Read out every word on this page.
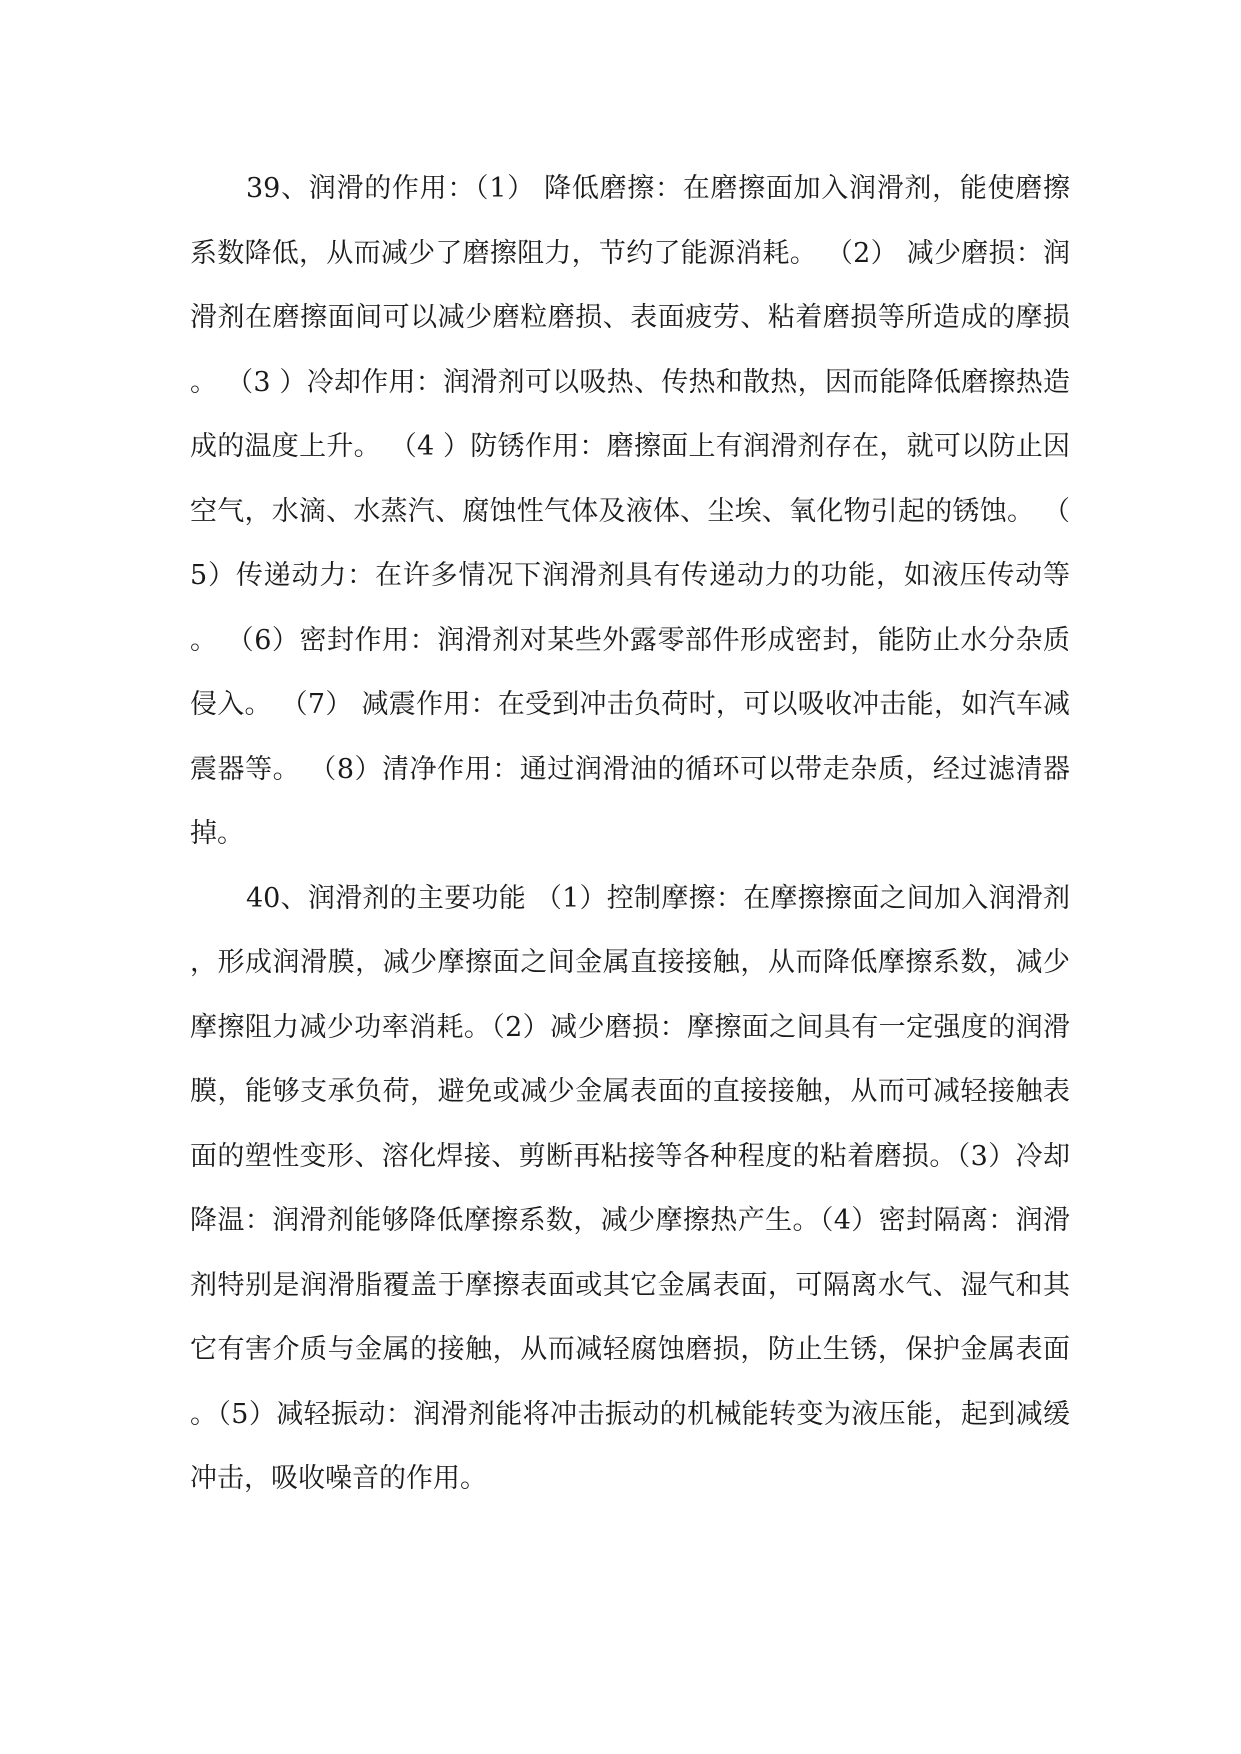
39、润滑的作用：（1） 降低磨擦：在磨擦面加入润滑剂，能使磨擦系数降低，从而减少了磨擦阻力，节约了能源消耗。 （2） 减少磨损：润滑剂在磨擦面间可以减少磨粒磨损、表面疲劳、粘着磨损等所造成的摩损。 （3 ）冷却作用：润滑剂可以吸热、传热和散热，因而能降低磨擦热造成的温度上升。 （4 ）防锈作用：磨擦面上有润滑剂存在，就可以防止因空气，水滴、水蒸汽、腐蚀性气体及液体、尘埃、氧化物引起的锈蚀。 （5）传递动力：在许多情况下润滑剂具有传递动力的功能，如液压传动等。 （6）密封作用：润滑剂对某些外露零部件形成密封，能防止水分杂质侵入。 （7） 减震作用：在受到冲击负荷时，可以吸收冲击能，如汽车减震器等。 （8）清净作用：通过润滑油的循环可以带走杂质，经过滤清器掉。

40、润滑剂的主要功能 （1）控制摩擦：在摩擦擦面之间加入润滑剂，形成润滑膜，减少摩擦面之间金属直接接触，从而降低摩擦系数，减少摩擦阻力减少功率消耗。（2）减少磨损：摩擦面之间具有一定强度的润滑膜，能够支承负荷，避免或减少金属表面的直接接触，从而可减轻接触表面的塑性变形、溶化焊接、剪断再粘接等各种程度的粘着磨损。（3）冷却降温：润滑剂能够降低摩擦系数，减少摩擦热产生。（4）密封隔离：润滑剂特别是润滑脂覆盖于摩擦表面或其它金属表面，可隔离水气、湿气和其它有害介质与金属的接触，从而减轻腐蚀磨损，防止生锈，保护金属表面。（5）减轻振动：润滑剂能将冲击振动的机械能转变为液压能，起到减缓冲击，吸收噪音的作用。
